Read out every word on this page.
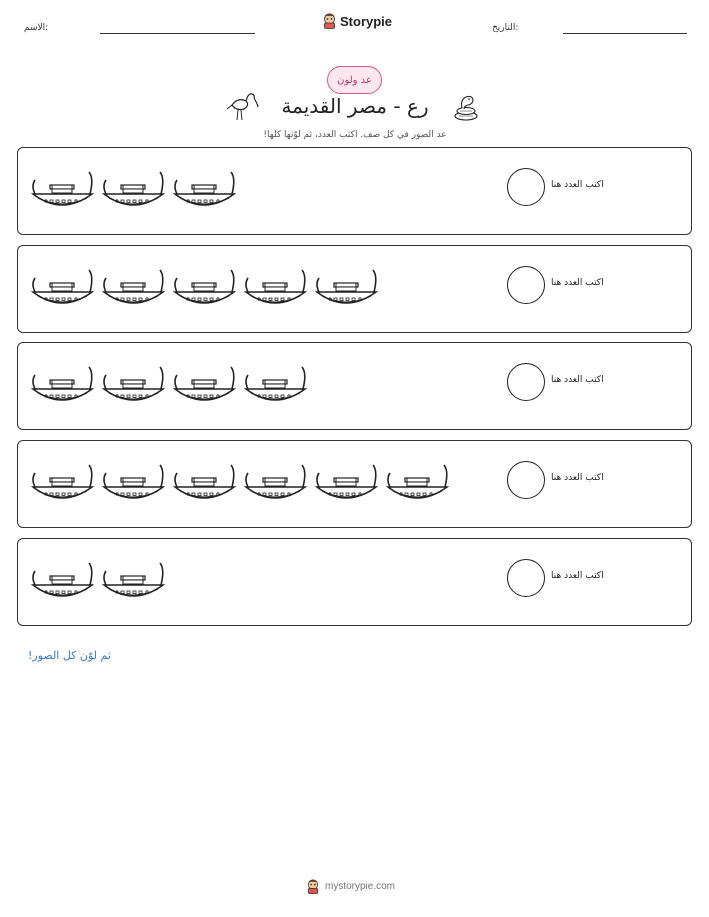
الاسم:	Storypie	التاريخ:
عد ولون
رع - مصر القديمة
عد الصور في كل صف. اكتب العدد، ثم لوّنها كلها!
اكتب العدد هنا
اكتب العدد هنا
اكتب العدد هنا
اكتب العدد هنا
اكتب العدد هنا
ثم لوّن كل الصور!
mystorypie.com
